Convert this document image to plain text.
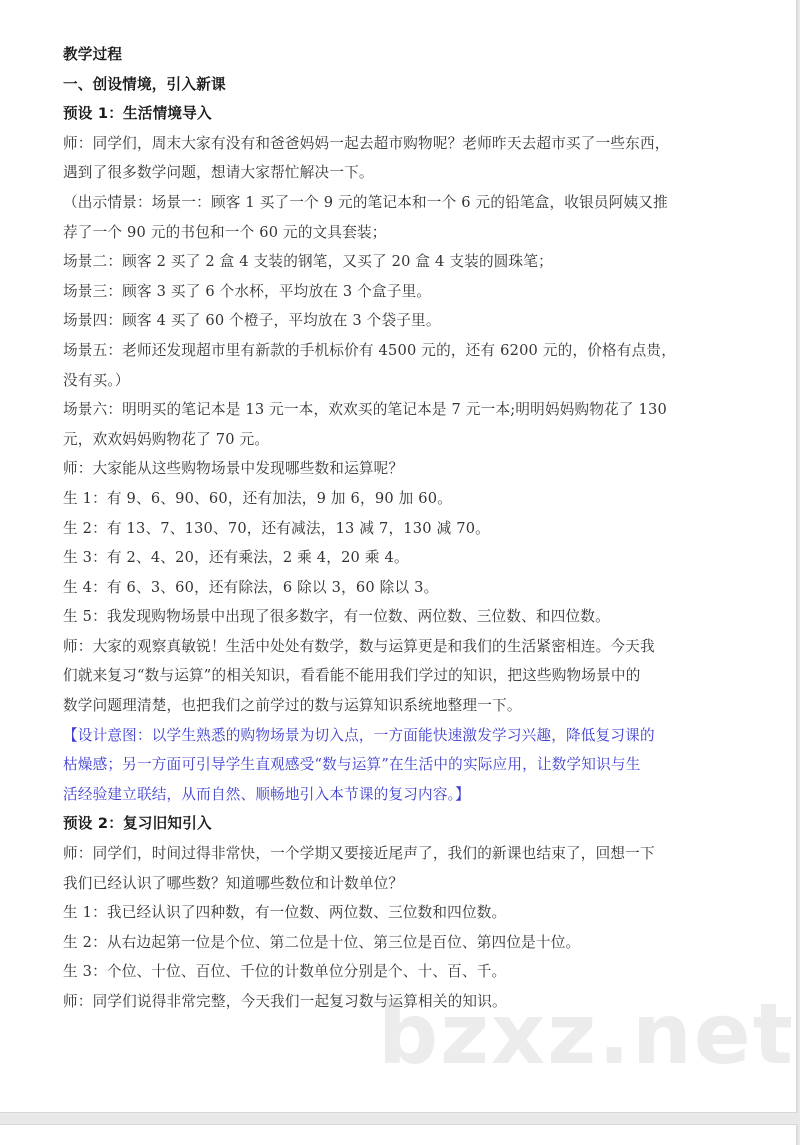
教学过程
一、创设情境，引入新课
预设 1：生活情境导入
师：同学们，周末大家有没有和爸爸妈妈一起去超市购物呢？老师昨天去超市买了一些东西，
遇到了很多数学问题，想请大家帮忙解决一下。
（出示情景：场景一：顾客 1 买了一个 9 元的笔记本和一个 6 元的铅笔盒，收银员阿姨又推
荐了一个 90 元的书包和一个 60 元的文具套装；
场景二：顾客 2 买了 2 盒 4 支装的钢笔，又买了 20 盒 4 支装的圆珠笔；
场景三：顾客 3 买了 6 个水杯，平均放在 3 个盒子里。
场景四：顾客 4 买了 60 个橙子，平均放在 3 个袋子里。
场景五：老师还发现超市里有新款的手机标价有 4500 元的，还有 6200 元的，价格有点贵，
没有买。）
场景六：明明买的笔记本是 13 元一本，欢欢买的笔记本是 7 元一本;明明妈妈购物花了 130
元，欢欢妈妈购物花了 70 元。
师：大家能从这些购物场景中发现哪些数和运算呢？
生 1：有 9、6、90、60，还有加法，9 加 6，90 加 60。
生 2：有 13、7、130、70，还有减法，13 减 7，130 减 70。
生 3：有 2、4、20，还有乘法，2 乘 4，20 乘 4。
生 4：有 6、3、60，还有除法，6 除以 3，60 除以 3。
生 5：我发现购物场景中出现了很多数字，有一位数、两位数、三位数、和四位数。
师：大家的观察真敏锐！生活中处处有数学，数与运算更是和我们的生活紧密相连。今天我
们就来复习“数与运算”的相关知识，看看能不能用我们学过的知识，把这些购物场景中的
数学问题理清楚，也把我们之前学过的数与运算知识系统地整理一下。
【设计意图：以学生熟悉的购物场景为切入点，一方面能快速激发学习兴趣，降低复习课的
枯燥感；另一方面可引导学生直观感受“数与运算”在生活中的实际应用，让数学知识与生
活经验建立联结，从而自然、顺畅地引入本节课的复习内容。】
预设 2：复习旧知引入
师：同学们，时间过得非常快，一个学期又要接近尾声了，我们的新课也结束了，回想一下
我们已经认识了哪些数？知道哪些数位和计数单位？
生 1：我已经认识了四种数，有一位数、两位数、三位数和四位数。
生 2：从右边起第一位是个位、第二位是十位、第三位是百位、第四位是十位。
生 3：个位、十位、百位、千位的计数单位分别是个、十、百、千。
师：同学们说得非常完整，今天我们一起复习数与运算相关的知识。
bzxz.net
